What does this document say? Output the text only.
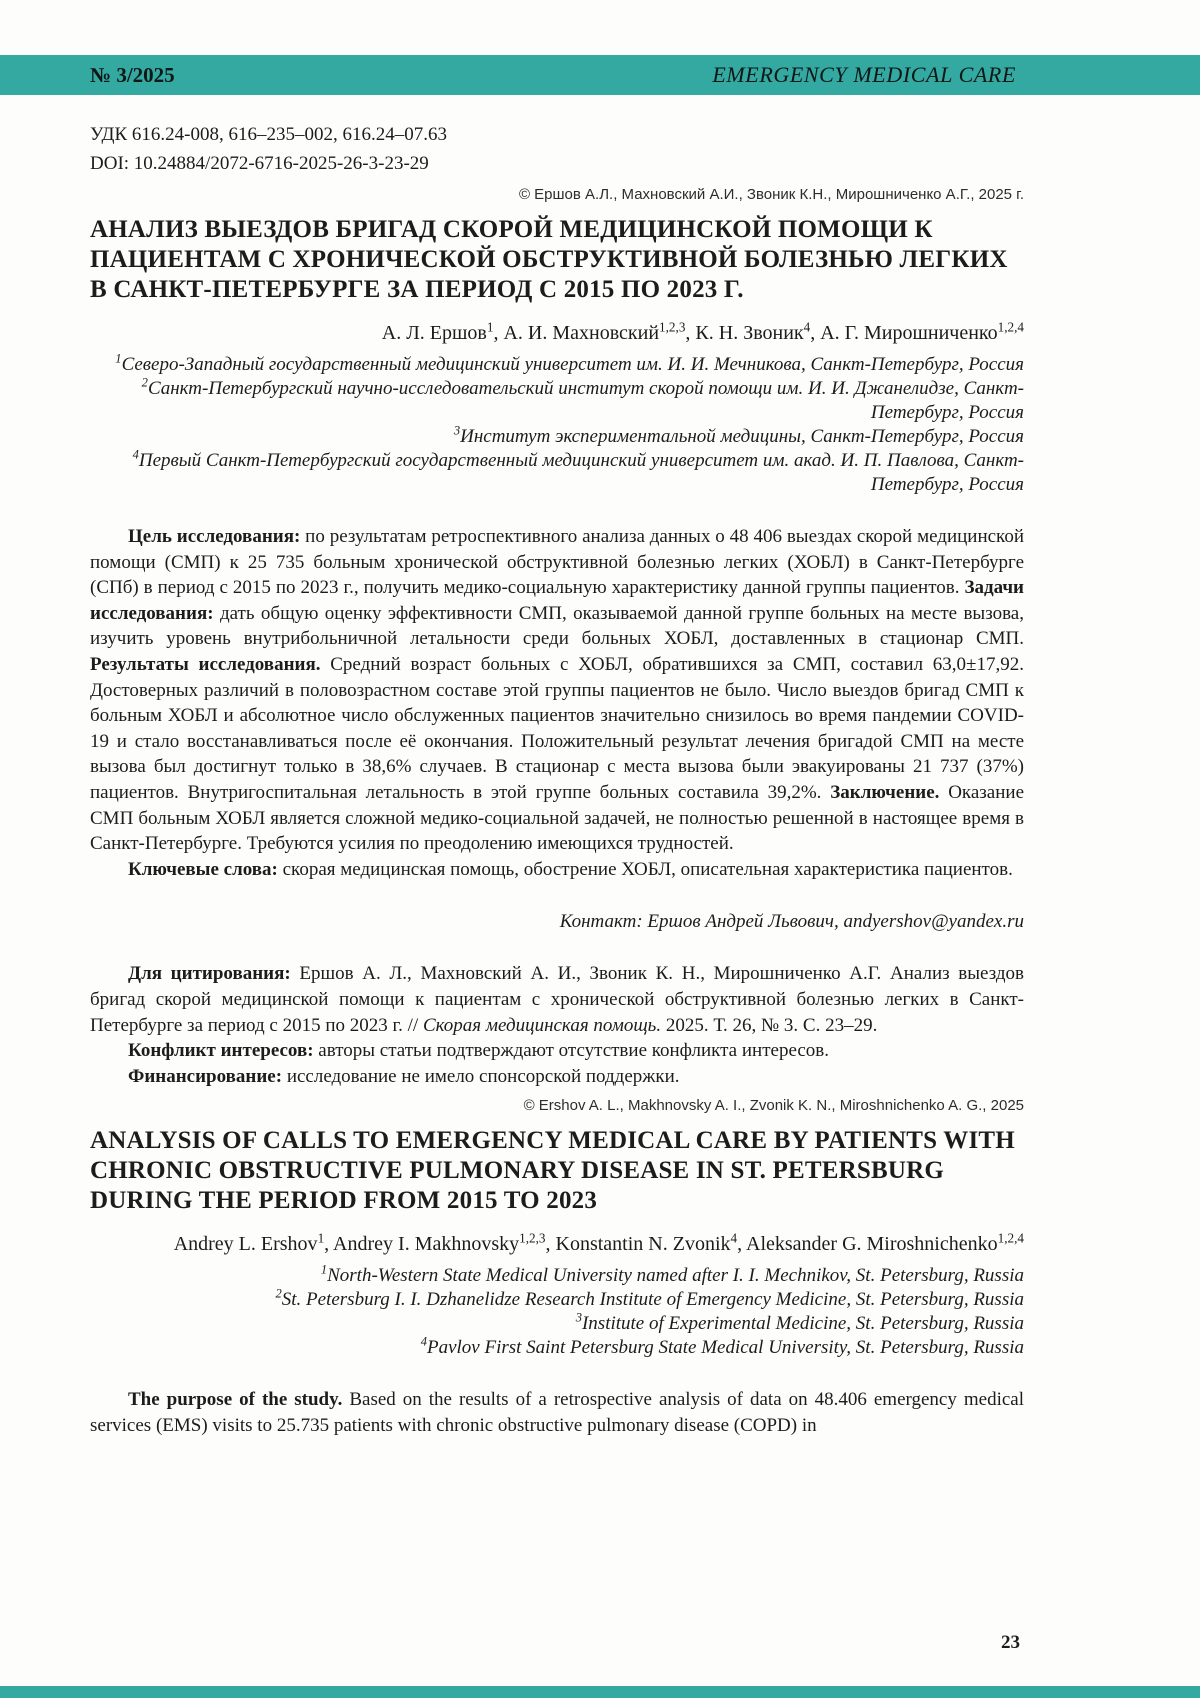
№ 3/2025	EMERGENCY MEDICAL CARE

УДК 616.24-008, 616–235–002, 616.24–07.63

DOI: 10.24884/2072-6716-2025-26-3-23-29

© Ершов А.Л., Махновский А.И., Звоник К.Н., Мирошниченко А.Г., 2025 г.

АНАЛИЗ ВЫЕЗДОВ БРИГАД СКОРОЙ МЕДИЦИНСКОЙ ПОМОЩИ К ПАЦИЕНТАМ С ХРОНИЧЕСКОЙ ОБСТРУКТИВНОЙ БОЛЕЗНЬЮ ЛЕГКИХ В САНКТ-ПЕТЕРБУРГЕ ЗА ПЕРИОД С 2015 ПО 2023 Г.

А. Л. Ершов$^1$, А. И. Махновский$^{1,2,3}$, К. Н. Звоник$^4$, А. Г. Мирошниченко$^{1,2,4}$

$^1$Северо-Западный государственный медицинский университет им. И. И. Мечникова, Санкт-Петербург, Россия

$^2$Санкт-Петербургский научно-исследовательский институт скорой помощи им. И. И. Джанелидзе, Санкт-Петербург, Россия

$^3$Институт экспериментальной медицины, Санкт-Петербург, Россия

$^4$Первый Санкт-Петербургский государственный медицинский университет им. акад. И. П. Павлова, Санкт-Петербург, Россия

Цель исследования: по результатам ретроспективного анализа данных о 48 406 выездах скорой медицинской помощи (СМП) к 25 735 больным хронической обструктивной болезнью легких (ХОБЛ) в Санкт-Петербурге (СПб) в период с 2015 по 2023 г., получить медико-социальную характеристику данной группы пациентов. Задачи исследования: дать общую оценку эффективности СМП, оказываемой данной группе больных на месте вызова, изучить уровень внутрибольничной летальности среди больных ХОБЛ, доставленных в стационар СМП. Результаты исследования. Средний возраст больных с ХОБЛ, обратившихся за СМП, составил 63,0±17,92. Достоверных различий в половозрастном составе этой группы пациентов не было. Число выездов бригад СМП к больным ХОБЛ и абсолютное число обслуженных пациентов значительно снизилось во время пандемии COVID-19 и стало восстанавливаться после её окончания. Положительный результат лечения бригадой СМП на месте вызова был достигнут только в 38,6% случаев. В стационар с места вызова были эвакуированы 21 737 (37%) пациентов. Внутригоспитальная летальность в этой группе больных составила 39,2%. Заключение. Оказание СМП больным ХОБЛ является сложной медико-социальной задачей, не полностью решенной в настоящее время в Санкт-Петербурге. Требуются усилия по преодолению имеющихся трудностей.

Ключевые слова: скорая медицинская помощь, обострение ХОБЛ, описательная характеристика пациентов.

Контакт: Ершов Андрей Львович, andyershov@yandex.ru

Для цитирования: Ершов А. Л., Махновский А. И., Звоник К. Н., Мирошниченко А.Г. Анализ выездов бригад скорой медицинской помощи к пациентам с хронической обструктивной болезнью легких в Санкт-Петербурге за период с 2015 по 2023 г. // Скорая медицинская помощь. 2025. Т. 26, № 3. С. 23–29.

Конфликт интересов: авторы статьи подтверждают отсутствие конфликта интересов.

Финансирование: исследование не имело спонсорской поддержки.

© Ershov A. L., Makhnovsky A. I., Zvonik K. N., Miroshnichenko A. G., 2025

ANALYSIS OF CALLS TO EMERGENCY MEDICAL CARE BY PATIENTS WITH CHRONIC OBSTRUCTIVE PULMONARY DISEASE IN ST. PETERSBURG DURING THE PERIOD FROM 2015 TO 2023

Andrey L. Ershov$^1$, Andrey I. Makhnovsky$^{1,2,3}$, Konstantin N. Zvonik$^4$, Aleksander G. Miroshnichenko$^{1,2,4}$

$^1$North-Western State Medical University named after I. I. Mechnikov, St. Petersburg, Russia

$^2$St. Petersburg I. I. Dzhanelidze Research Institute of Emergency Medicine, St. Petersburg, Russia

$^3$Institute of Experimental Medicine, St. Petersburg, Russia

$^4$Pavlov First Saint Petersburg State Medical University, St. Petersburg, Russia

The purpose of the study. Based on the results of a retrospective analysis of data on 48.406 emergency medical services (EMS) visits to 25.735 patients with chronic obstructive pulmonary disease (COPD) in

23
